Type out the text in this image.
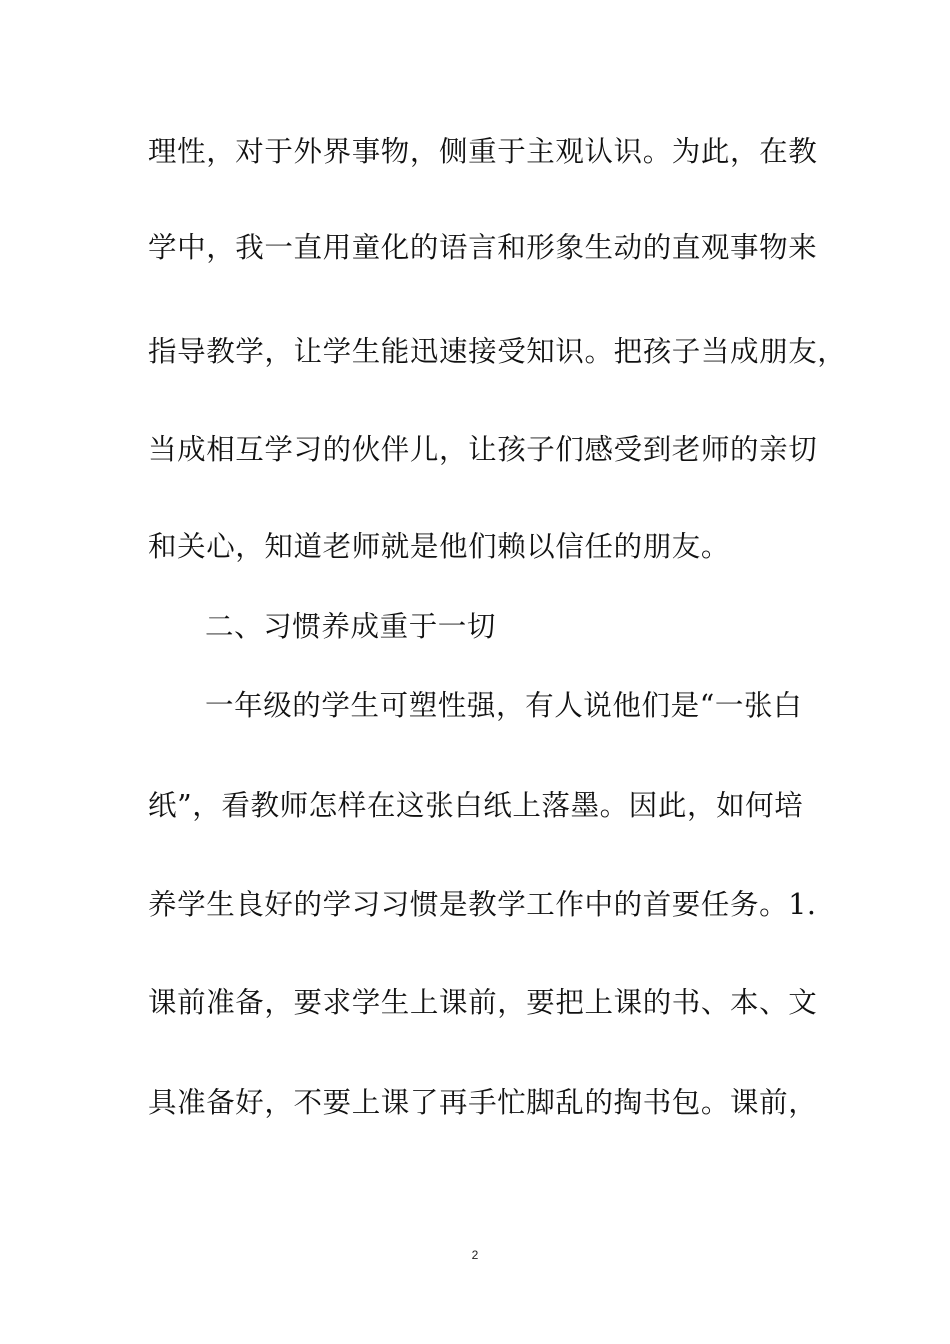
理性，对于外界事物，侧重于主观认识。为此，在教
学中，我一直用童化的语言和形象生动的直观事物来
指导教学，让学生能迅速接受知识。把孩子当成朋友，
当成相互学习的伙伴儿，让孩子们感受到老师的亲切
和关心，知道老师就是他们赖以信任的朋友。
二、习惯养成重于一切
一年级的学生可塑性强，有人说他们是“一张白
纸”，看教师怎样在这张白纸上落墨。因此，如何培
养学生良好的学习习惯是教学工作中的首要任务。1.
课前准备，要求学生上课前，要把上课的书、本、文
具准备好，不要上课了再手忙脚乱的掏书包。课前，
2
